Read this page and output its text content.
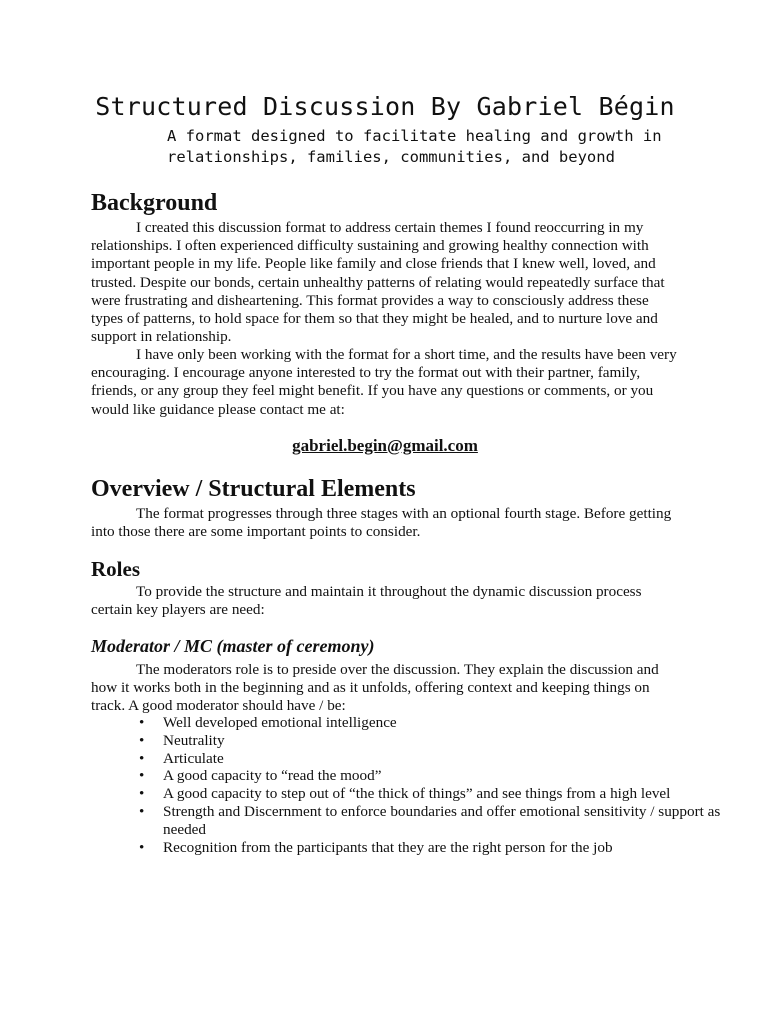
Structured Discussion By Gabriel Bégin
A format designed to facilitate healing and growth in relationships, families, communities, and beyond
Background

I created this discussion format to address certain themes I found reoccurring in my relationships. I often experienced difficulty sustaining and growing healthy connection with important people in my life. People like family and close friends that I knew well, loved, and trusted. Despite our bonds, certain unhealthy patterns of relating would repeatedly surface that were frustrating and disheartening. This format provides a way to consciously address these types of patterns, to hold space for them so that they might be healed, and to nurture love and support in relationship.

I have only been working with the format for a short time, and the results have been very encouraging. I encourage anyone interested to try the format out with their partner, family, friends, or any group they feel might benefit. If you have any questions or comments, or you would like guidance please contact me at:

gabriel.begin@gmail.com
Overview / Structural Elements

The format progresses through three stages with an optional fourth stage. Before getting into those there are some important points to consider.

Roles

To provide the structure and maintain it throughout the dynamic discussion process certain key players are need:

Moderator / MC (master of ceremony)

The moderators role is to preside over the discussion. They explain the discussion and how it works both in the beginning and as it unfolds, offering context and keeping things on track. A good moderator should have / be:

• Well developed emotional intelligence
• Neutrality
• Articulate
• A good capacity to “read the mood”
• A good capacity to step out of “the thick of things” and see things from a high level
• Strength and Discernment to enforce boundaries and offer emotional sensitivity / support as needed
• Recognition from the participants that they are the right person for the job
